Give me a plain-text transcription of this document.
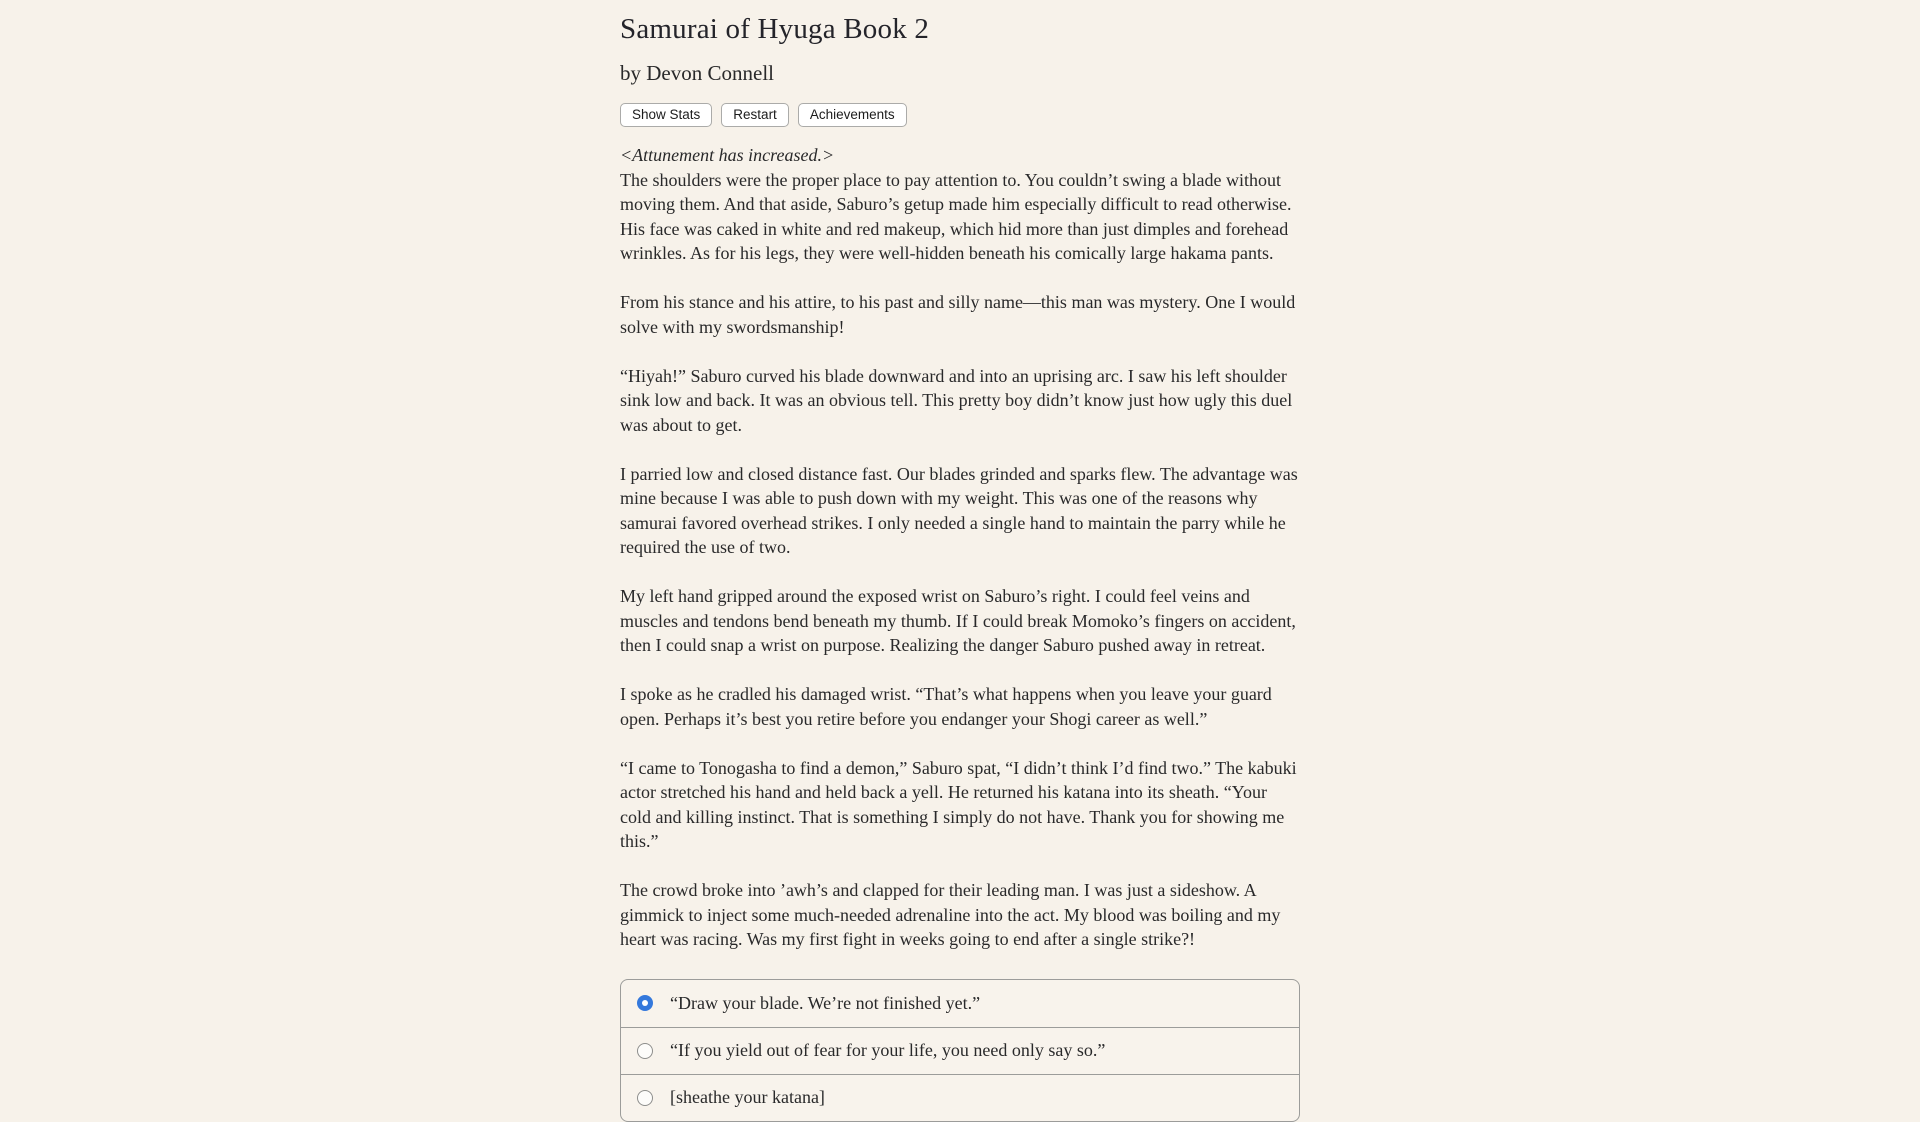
Samurai of Hyuga Book 2
by Devon Connell
Show Stats	Restart	Achievements

<Attunement has increased.>

The shoulders were the proper place to pay attention to. You couldn’t swing a blade without moving them. And that aside, Saburo’s getup made him especially difficult to read otherwise. His face was caked in white and red makeup, which hid more than just dimples and forehead wrinkles. As for his legs, they were well-hidden beneath his comically large hakama pants.

From his stance and his attire, to his past and silly name—this man was mystery. One I would solve with my swordsmanship!

“Hiyah!” Saburo curved his blade downward and into an uprising arc. I saw his left shoulder sink low and back. It was an obvious tell. This pretty boy didn’t know just how ugly this duel was about to get.

I parried low and closed distance fast. Our blades grinded and sparks flew. The advantage was mine because I was able to push down with my weight. This was one of the reasons why samurai favored overhead strikes. I only needed a single hand to maintain the parry while he required the use of two.

My left hand gripped around the exposed wrist on Saburo’s right. I could feel veins and muscles and tendons bend beneath my thumb. If I could break Momoko’s fingers on accident, then I could snap a wrist on purpose. Realizing the danger Saburo pushed away in retreat.

I spoke as he cradled his damaged wrist. “That’s what happens when you leave your guard open. Perhaps it’s best you retire before you endanger your Shogi career as well.”

“I came to Tonogasha to find a demon,” Saburo spat, “I didn’t think I’d find two.” The kabuki actor stretched his hand and held back a yell. He returned his katana into its sheath. “Your cold and killing instinct. That is something I simply do not have. Thank you for showing me this.”

The crowd broke into ’awh’s and clapped for their leading man. I was just a sideshow. A gimmick to inject some much-needed adrenaline into the act. My blood was boiling and my heart was racing. Was my first fight in weeks going to end after a single strike?!

“Draw your blade. We’re not finished yet.”
“If you yield out of fear for your life, you need only say so.”
[sheathe your katana]
